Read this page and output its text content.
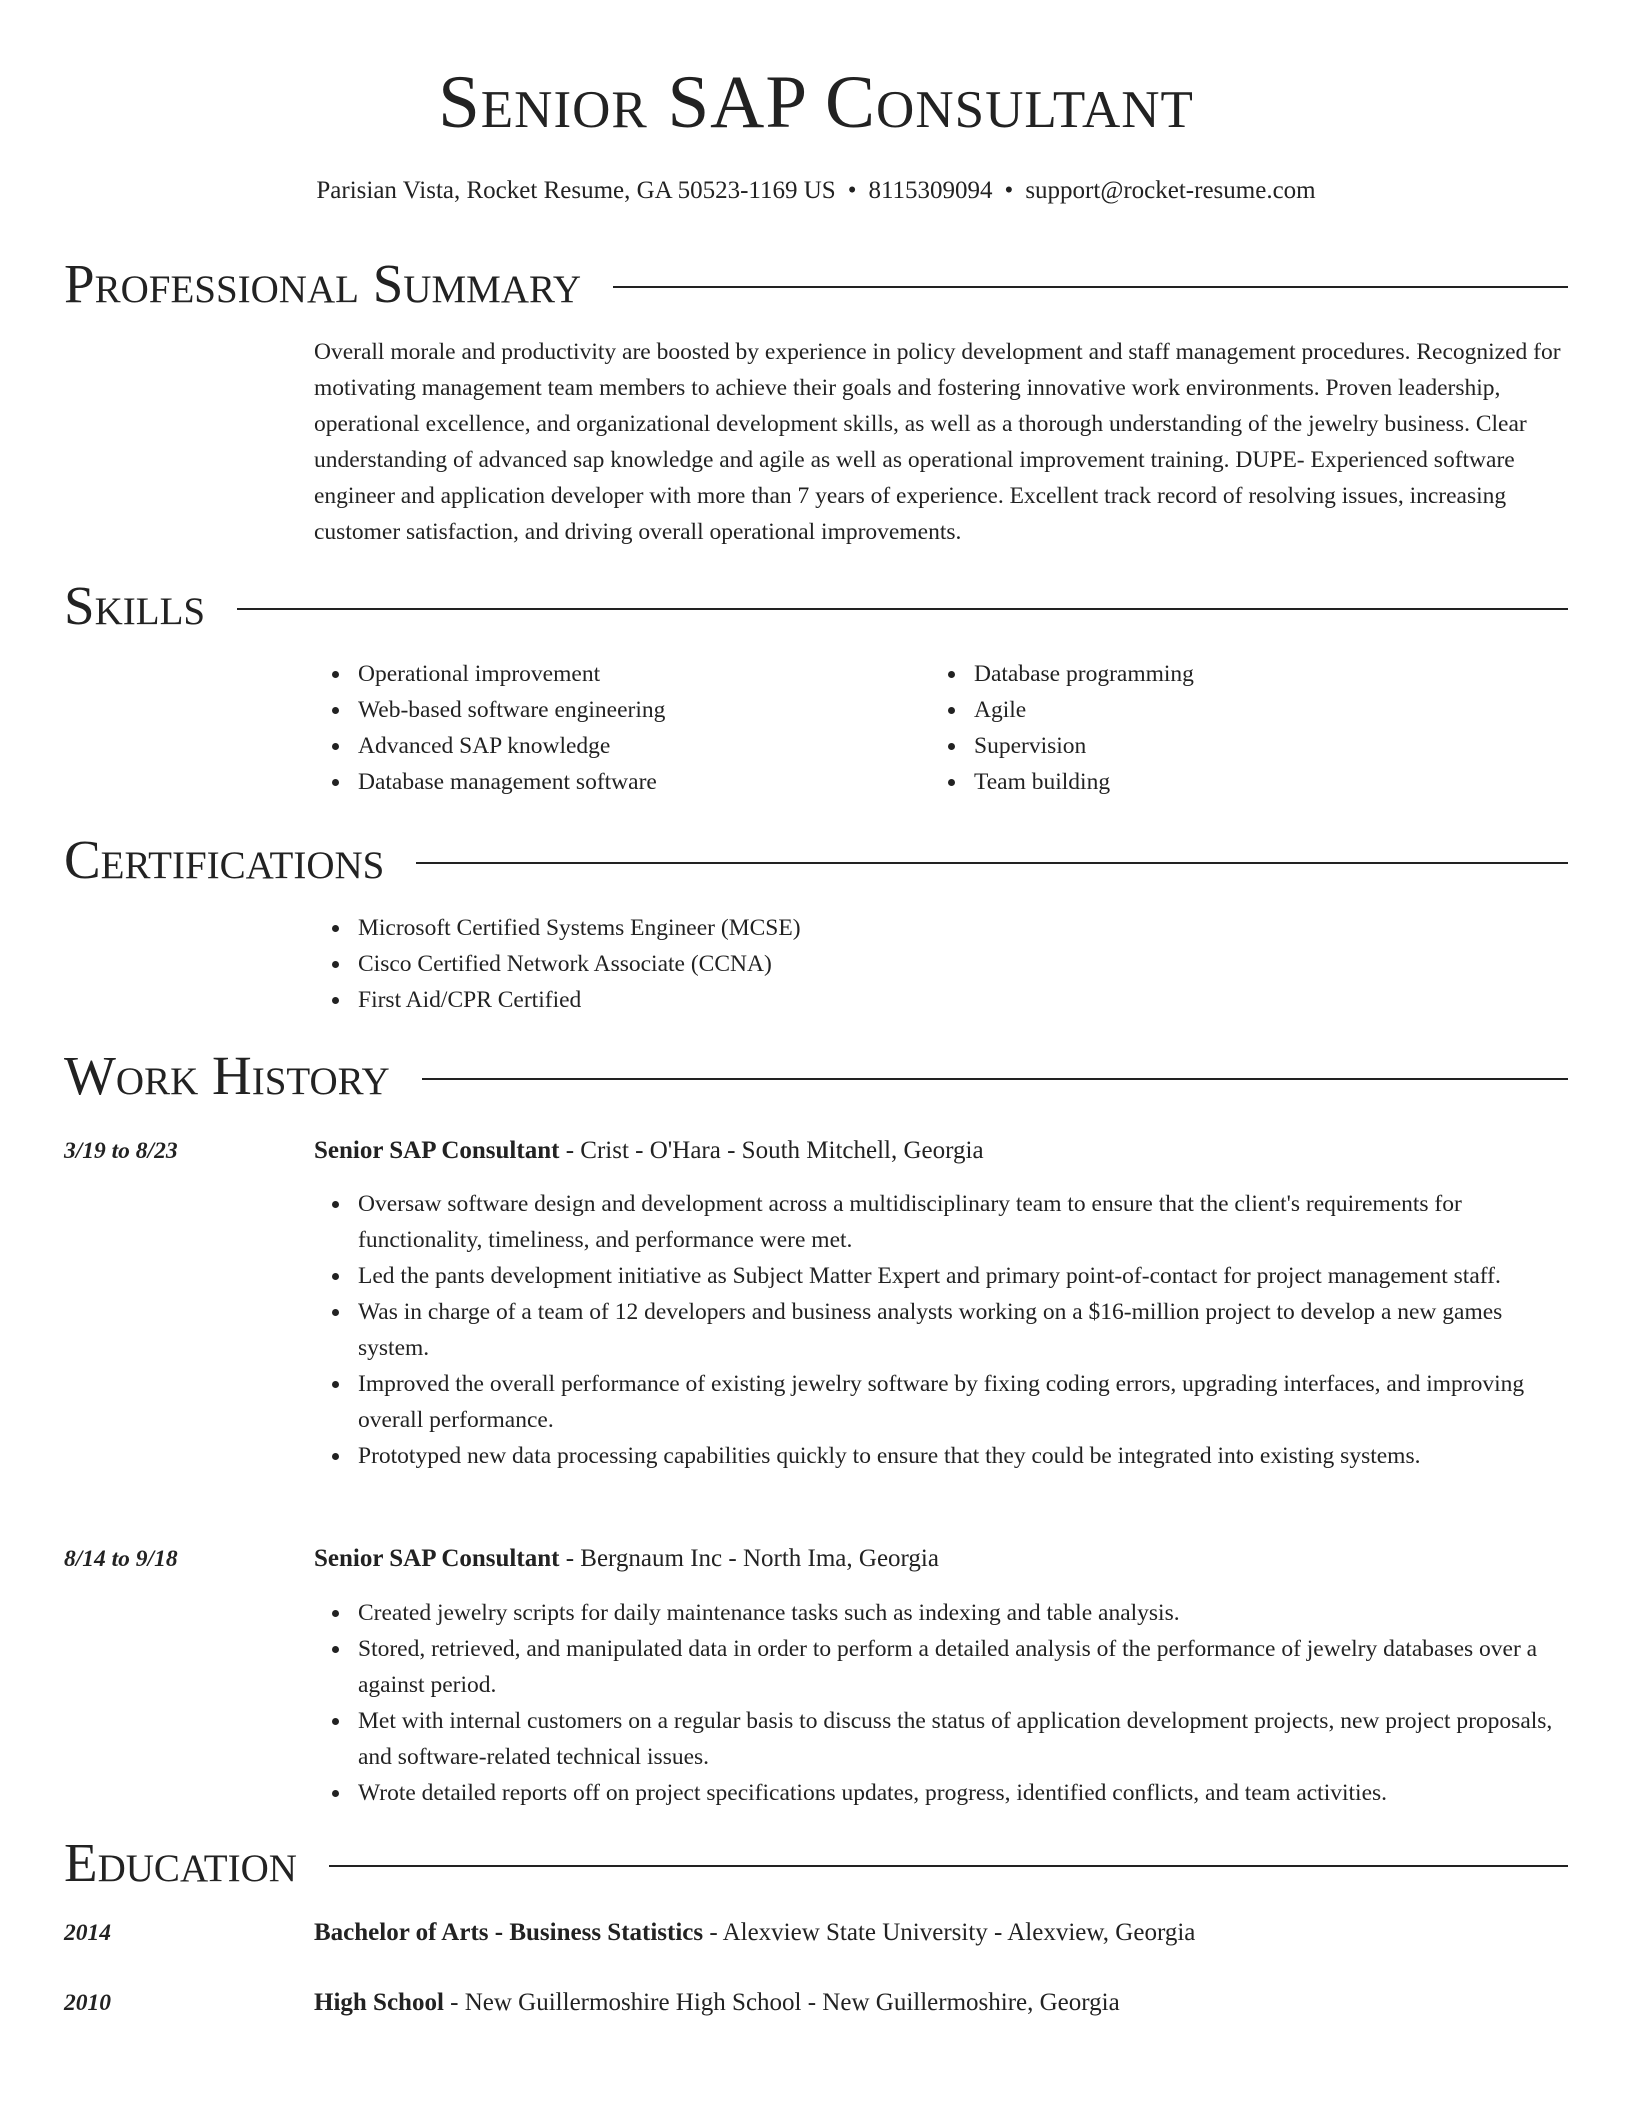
Senior SAP Consultant
Parisian Vista, Rocket Resume, GA 50523-1169 US • 8115309094 • support@rocket-resume.com
Professional Summary

Overall morale and productivity are boosted by experience in policy development and staff management procedures. Recognized for motivating management team members to achieve their goals and fostering innovative work environments. Proven leadership, operational excellence, and organizational development skills, as well as a thorough understanding of the jewelry business. Clear understanding of advanced sap knowledge and agile as well as operational improvement training. DUPE- Experienced software engineer and application developer with more than 7 years of experience. Excellent track record of resolving issues, increasing customer satisfaction, and driving overall operational improvements.

Skills
Operational improvement
Web-based software engineering
Advanced SAP knowledge
Database management software
Database programming
Agile
Supervision
Team building
Certifications
Microsoft Certified Systems Engineer (MCSE)
Cisco Certified Network Associate (CCNA)
First Aid/CPR Certified
Work History
3/19 to 8/23	Senior SAP Consultant - Crist - O'Hara - South Mitchell, Georgia
Oversaw software design and development across a multidisciplinary team to ensure that the client's requirements for functionality, timeliness, and performance were met.
Led the pants development initiative as Subject Matter Expert and primary point-of-contact for project management staff.
Was in charge of a team of 12 developers and business analysts working on a $16-million project to develop a new games system.
Improved the overall performance of existing jewelry software by fixing coding errors, upgrading interfaces, and improving overall performance.
Prototyped new data processing capabilities quickly to ensure that they could be integrated into existing systems.
8/14 to 9/18	Senior SAP Consultant - Bergnaum Inc - North Ima, Georgia
Created jewelry scripts for daily maintenance tasks such as indexing and table analysis.
Stored, retrieved, and manipulated data in order to perform a detailed analysis of the performance of jewelry databases over a against period.
Met with internal customers on a regular basis to discuss the status of application development projects, new project proposals, and software-related technical issues.
Wrote detailed reports off on project specifications updates, progress, identified conflicts, and team activities.
Education
2014	Bachelor of Arts - Business Statistics - Alexview State University - Alexview, Georgia
2010	High School - New Guillermoshire High School - New Guillermoshire, Georgia
